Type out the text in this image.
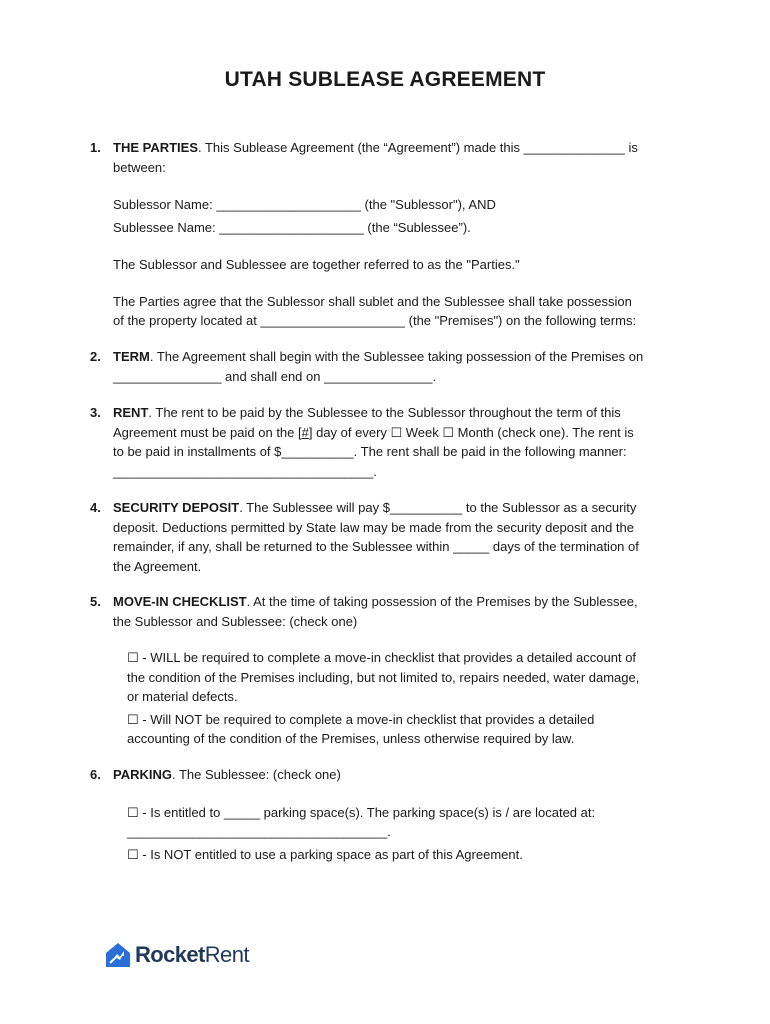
UTAH SUBLEASE AGREEMENT
1. THE PARTIES. This Sublease Agreement (the “Agreement”) made this ______________ is between:

Sublessor Name: ____________________ (the "Sublessor"), AND

Sublessee Name: ____________________ (the “Sublessee”).

The Sublessor and Sublessee are together referred to as the "Parties."

The Parties agree that the Sublessor shall sublet and the Sublessee shall take possession

of the property located at ____________________ (the "Premises") on the following terms:

2. TERM. The Agreement shall begin with the Sublessee taking possession of the Premises on

_______________ and shall end on _______________.

3. RENT. The rent to be paid by the Sublessee to the Sublessor throughout the term of this

Agreement must be paid on the [#] day of every ☐ Week ☐ Month (check one). The rent is

to be paid in installments of $__________. The rent shall be paid in the following manner:

____________________________________.

4. SECURITY DEPOSIT. The Sublessee will pay $__________ to the Sublessor as a security

deposit. Deductions permitted by State law may be made from the security deposit and the

remainder, if any, shall be returned to the Sublessee within _____ days of the termination of

the Agreement.

5. MOVE-IN CHECKLIST. At the time of taking possession of the Premises by the Sublessee,

the Sublessor and Sublessee: (check one)

☐ - WILL be required to complete a move-in checklist that provides a detailed account of

the condition of the Premises including, but not limited to, repairs needed, water damage,

or material defects.

☐ - Will NOT be required to complete a move-in checklist that provides a detailed

accounting of the condition of the Premises, unless otherwise required by law.

6. PARKING. The Sublessee: (check one)

☐ - Is entitled to _____ parking space(s). The parking space(s) is / are located at:

____________________________________.

☐ - Is NOT entitled to use a parking space as part of this Agreement.

RocketRent
